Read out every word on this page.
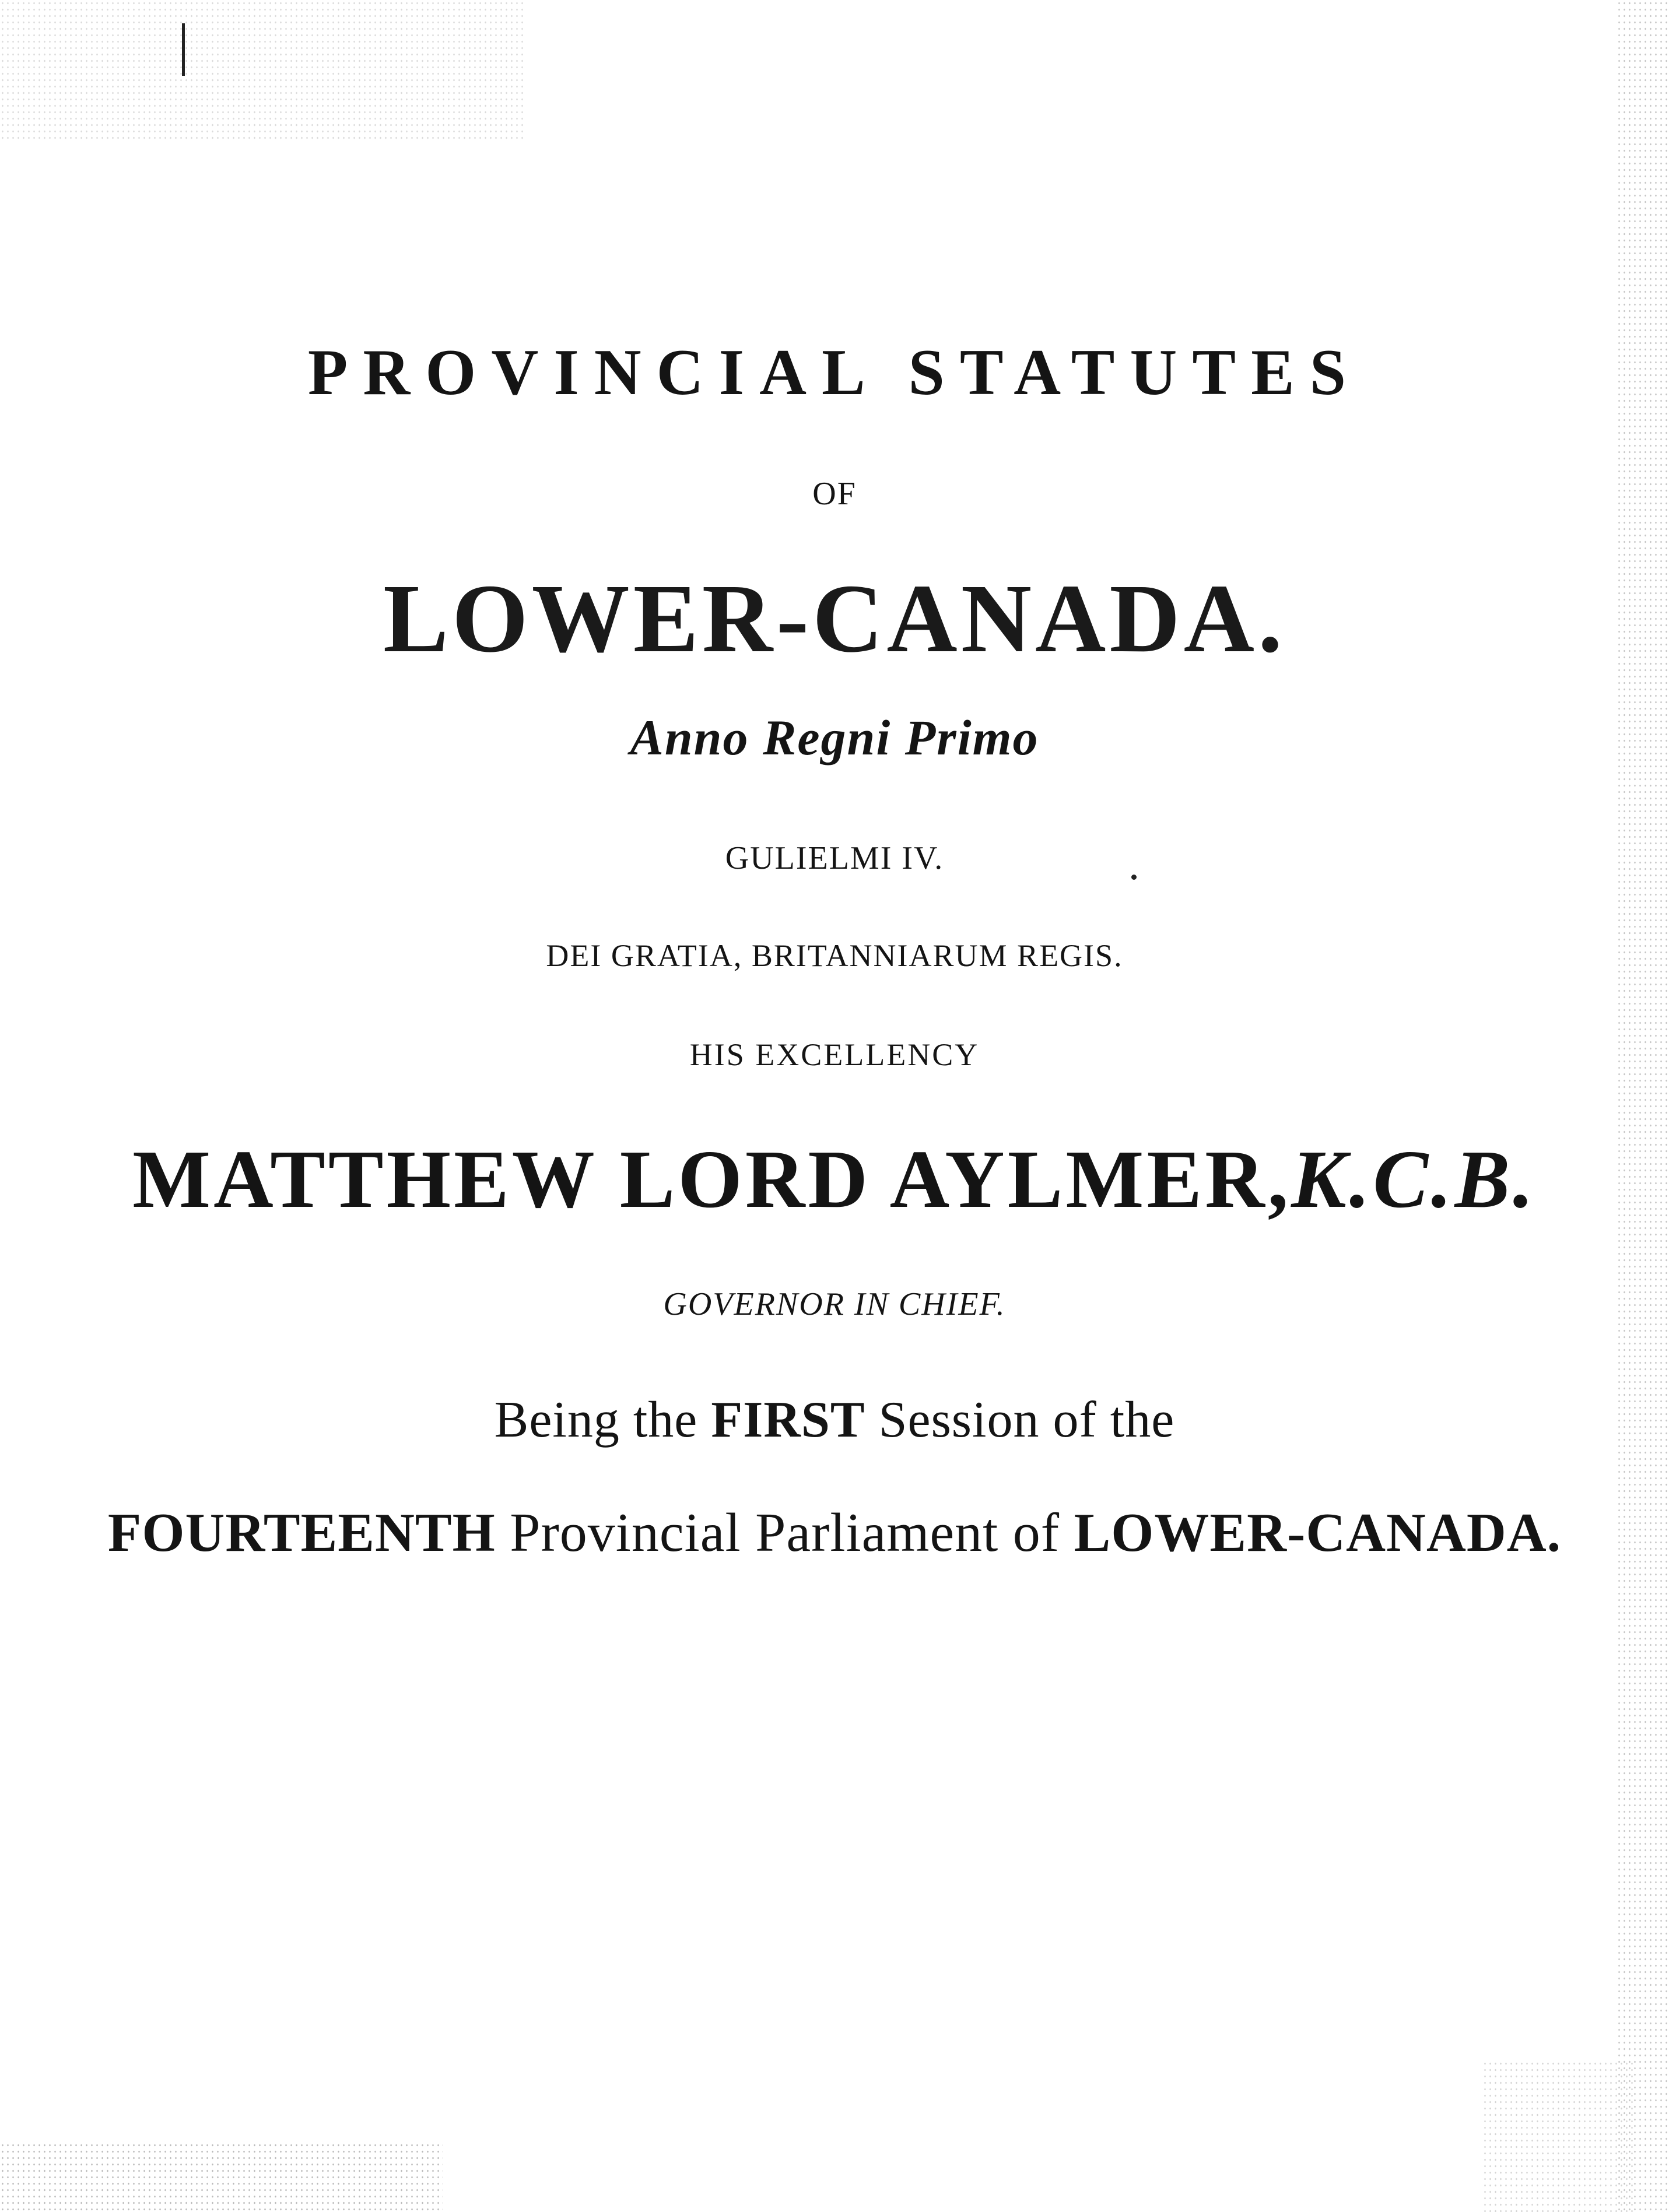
PROVINCIAL STATUTES
OF
LOWER-CANADA.
Anno Regni Primo
GULIELMI IV.
DEI GRATIA, BRITANNIARUM REGIS.
HIS EXCELLENCY
MATTHEW LORD AYLMER,K.C.B.
GOVERNOR IN CHIEF.
Being the FIRST Session of the
FOURTEENTH Provincial Parliament of LOWER-CANADA.
